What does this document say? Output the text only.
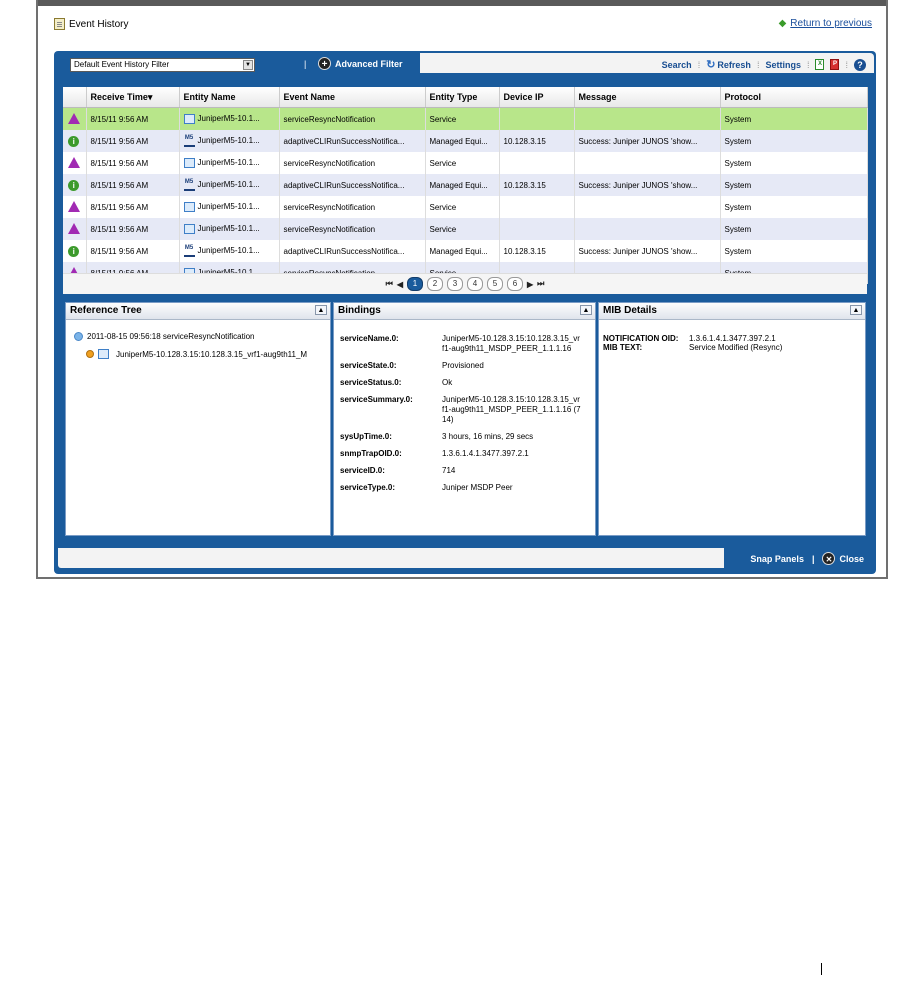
Event History	◆ Return to previous
Default Event History Filter	▼	|	+ Advanced Filter	Search ⁞ ↻ Refresh ⁞ Settings ⁞	X	P ⁞	?
	Receive Time▾	Entity Name	Event Name	Entity Type	Device IP	Message	Protocol
	8/15/11 9:56 AM	JuniperM5-10.1...	serviceResyncNotification	Service			System
i	8/15/11 9:56 AM	M5 JuniperM5-10.1...	adaptiveCLIRunSuccessNotifica...	Managed Equi...	10.128.3.15	Success: Juniper JUNOS 'show...	System
	8/15/11 9:56 AM	JuniperM5-10.1...	serviceResyncNotification	Service			System
i	8/15/11 9:56 AM	M5 JuniperM5-10.1...	adaptiveCLIRunSuccessNotifica...	Managed Equi...	10.128.3.15	Success: Juniper JUNOS 'show...	System
	8/15/11 9:56 AM	JuniperM5-10.1...	serviceResyncNotification	Service			System
	8/15/11 9:56 AM	JuniperM5-10.1...	serviceResyncNotification	Service			System
i	8/15/11 9:56 AM	M5 JuniperM5-10.1...	adaptiveCLIRunSuccessNotifica...	Managed Equi...	10.128.3.15	Success: Juniper JUNOS 'show...	System

⏮ ◀	1	2	3	4	5	6	▶ ⏭
Reference Tree	▲
2011-08-15 09:56:18 serviceResyncNotification
JuniperM5-10.128.3.15:10.128.3.15_vrf1-aug9th11_M
Bindings	▲
serviceName.0:	JuniperM5-10.128.3.15:10.128.3.15_vrf1-aug9th11_MSDP_PEER_1.1.1.16
serviceState.0:	Provisioned
serviceStatus.0:	Ok
serviceSummary.0:	JuniperM5-10.128.3.15:10.128.3.15_vrf1-aug9th11_MSDP_PEER_1.1.1.16 (714)
sysUpTime.0:	3 hours, 16 mins, 29 secs
snmpTrapOID.0:	1.3.6.1.4.1.3477.397.2.1
serviceID.0:	714
serviceType.0:	Juniper MSDP Peer
MIB Details	▲
NOTIFICATION OID:	1.3.6.1.4.1.3477.397.2.1
MIB TEXT:	Service Modified (Resync)
Snap Panels |	✕ Close
